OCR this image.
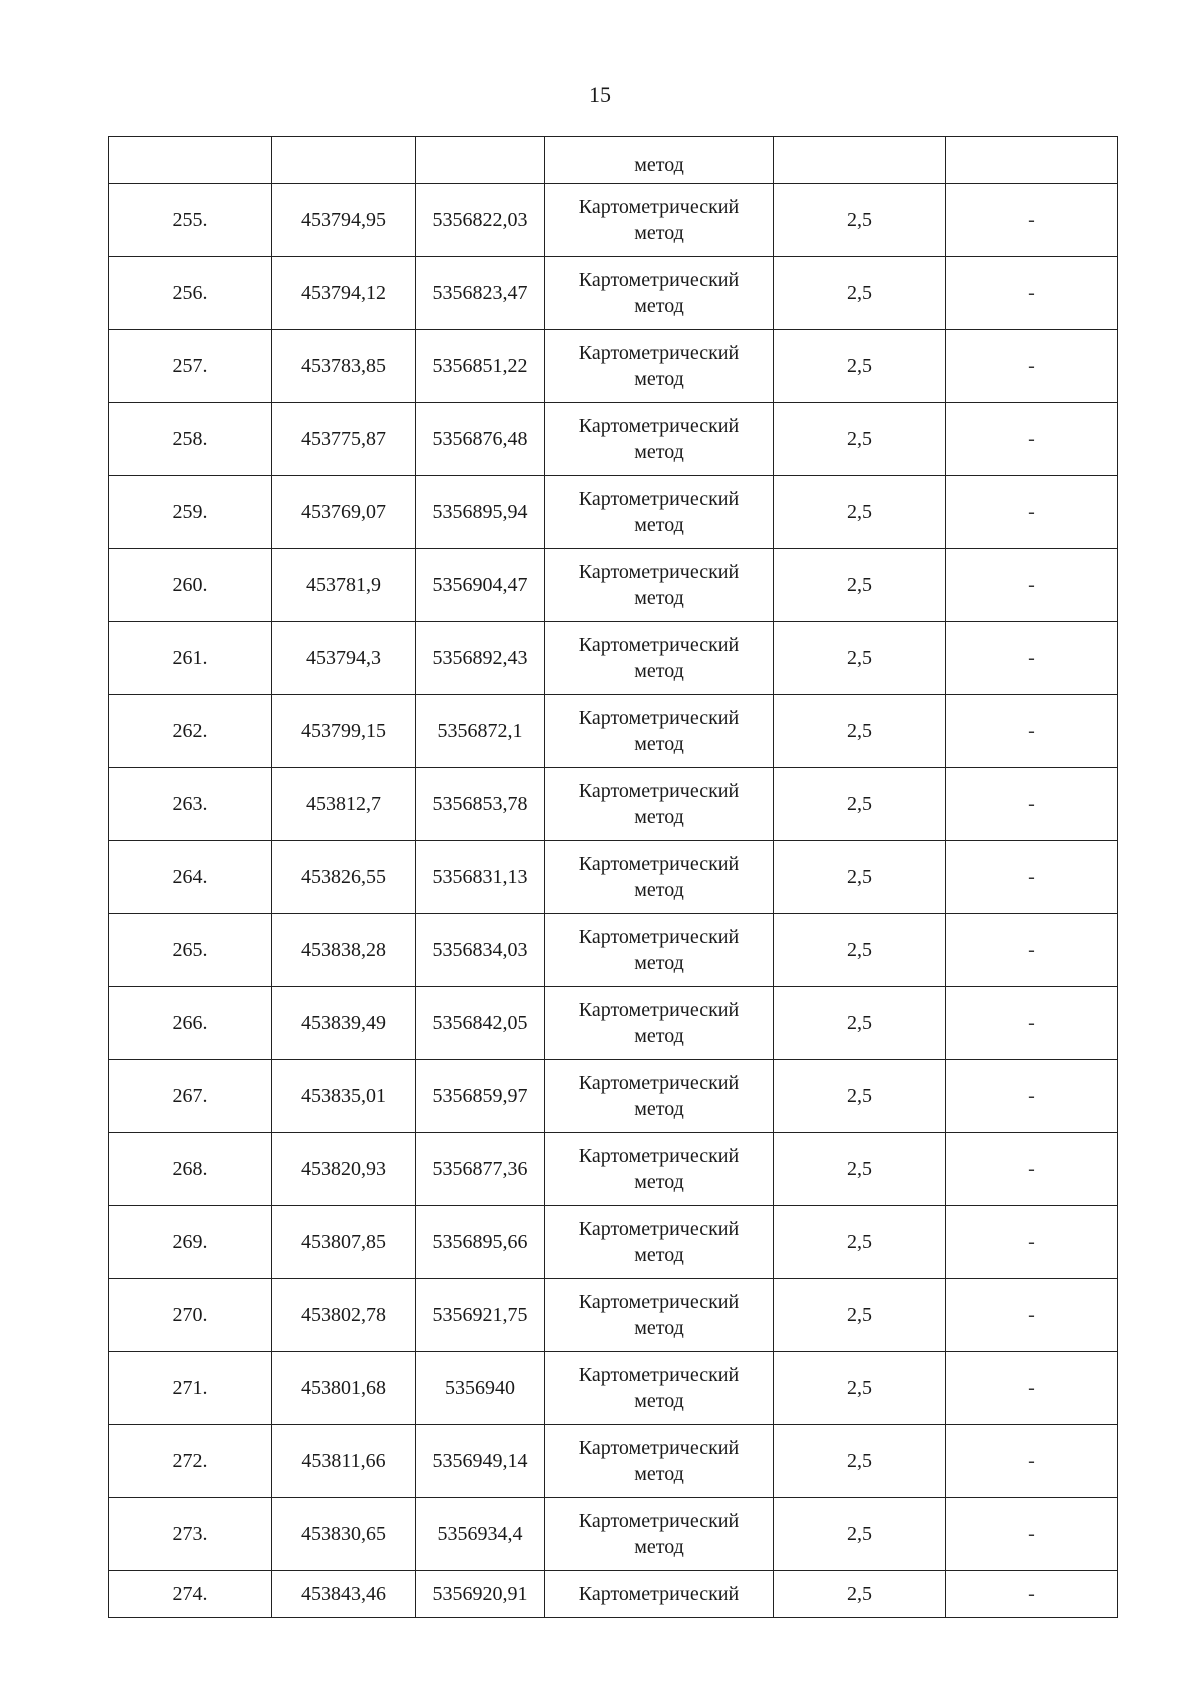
15
			метод		
255.	453794,95	5356822,03	Картометрический
метод	2,5	-
256.	453794,12	5356823,47	Картометрический
метод	2,5	-
257.	453783,85	5356851,22	Картометрический
метод	2,5	-
258.	453775,87	5356876,48	Картометрический
метод	2,5	-
259.	453769,07	5356895,94	Картометрический
метод	2,5	-
260.	453781,9	5356904,47	Картометрический
метод	2,5	-
261.	453794,3	5356892,43	Картометрический
метод	2,5	-
262.	453799,15	5356872,1	Картометрический
метод	2,5	-
263.	453812,7	5356853,78	Картометрический
метод	2,5	-
264.	453826,55	5356831,13	Картометрический
метод	2,5	-
265.	453838,28	5356834,03	Картометрический
метод	2,5	-
266.	453839,49	5356842,05	Картометрический
метод	2,5	-
267.	453835,01	5356859,97	Картометрический
метод	2,5	-
268.	453820,93	5356877,36	Картометрический
метод	2,5	-
269.	453807,85	5356895,66	Картометрический
метод	2,5	-
270.	453802,78	5356921,75	Картометрический
метод	2,5	-
271.	453801,68	5356940	Картометрический
метод	2,5	-
272.	453811,66	5356949,14	Картометрический
метод	2,5	-
273.	453830,65	5356934,4	Картометрический
метод	2,5	-
274.	453843,46	5356920,91	Картометрический	2,5	-
